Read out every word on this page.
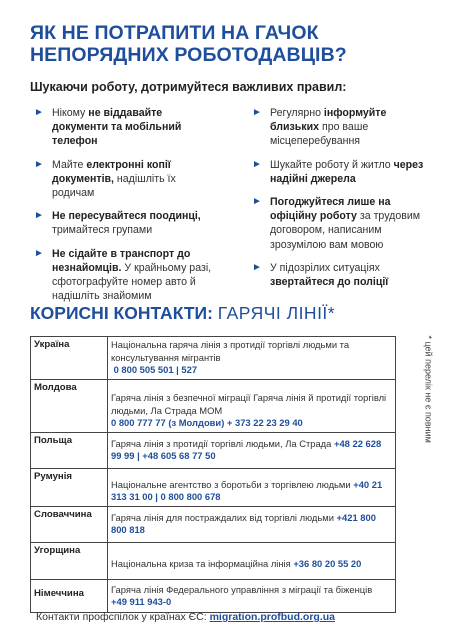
ЯК НЕ ПОТРАПИТИ НА ГАЧОК
НЕПОРЯДНИХ РОБОТОДАВЦІВ?
Шукаючи роботу, дотримуйтеся важливих правил:
► Нікому не віддавайте документи та мобільний телефон
► Майте електронні копії документів, надішліть їх родичам
► Не пересувайтеся поодинці, тримайтеся групами
► Не сідайте в транспорт до незнайомців. У крайньому разі, сфотографуйте номер авто й надішліть знайомим
► Регулярно інформуйте близьких про ваше місцеперебування
► Шукайте роботу й житло через надійні джерела
► Погоджуйтеся лише на офіційну роботу за трудовим договором, написаним зрозумілою вам мовою
► У підозрілих ситуаціях звертайтеся до поліції
КОРИСНІ КОНТАКТИ: ГАРЯЧІ ЛІНІЇ*
* цей перелік не є повним
Україна	Національна гаряча лінія з протидії торгівлі людьми та консультування мігрантів
0 800 505 501 | 527
Молдова	Гаряча лінія з безпечної міграції Гаряча лінія й протидії торгівлі людьми, Ла Страда МОМ
0 800 777 77 (з Молдови) + 373 22 23 29 40
Польща	Гаряча лінія з протидії торгівлі людьми, Ла Страда +48 22 628 99 99 | +48 605 68 77 50
Румунія	Національне агентство з боротьби з торгівлею людьми +40 21 313 31 00 | 0 800 800 678
Словаччина	Гаряча лінія для постраждалих від торгівлі людьми +421 800 800 818
Угорщина	Національна криза та інформаційна лінія +36 80 20 55 20
Німеччина	Гаряча лінія Федерального управління з міграції та біженців
+49 911 943-0
Контакти профспілок у країнах ЄС: migration.profbud.org.ua
